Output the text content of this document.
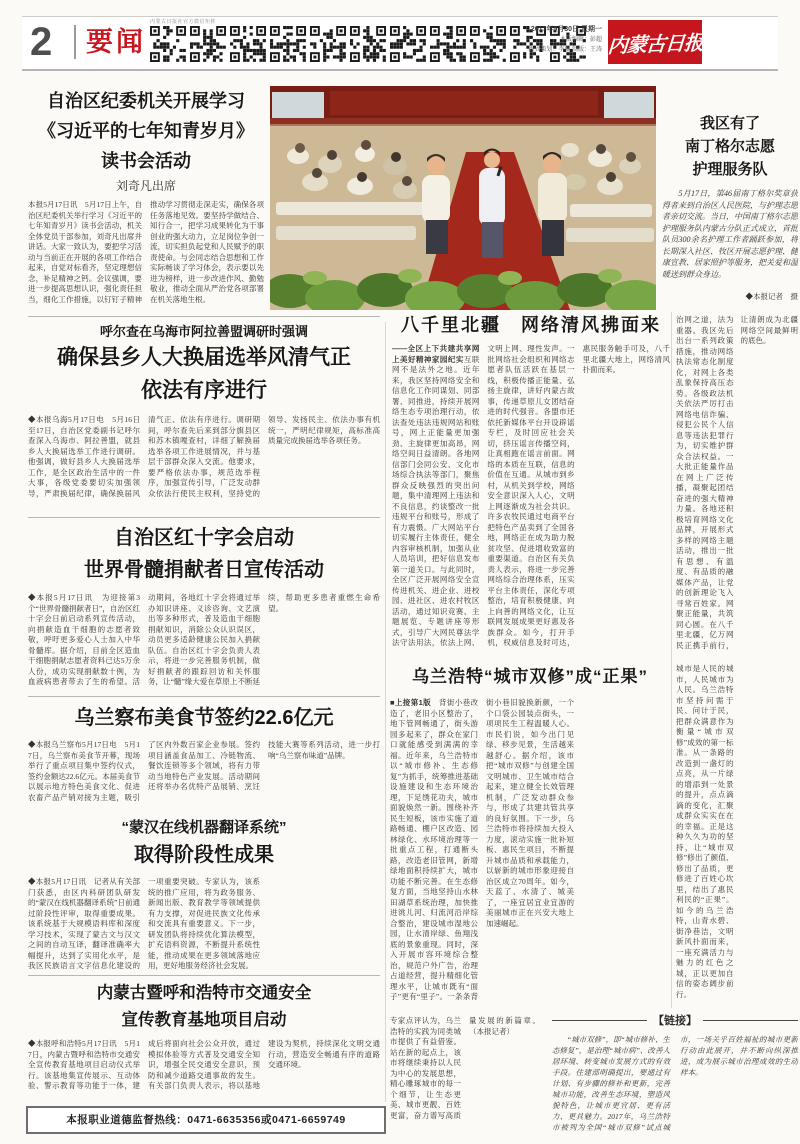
2 要闻
内蒙古日报社官方微信矩阵
2017年5月30日 星期一
本版编辑：彭超
版式策划：李琳 制版：王涛 内蒙古日报
自治区纪委机关开展学习
《习近平的七年知青岁月》
读书会活动
刘奇凡出席
本报5月17日讯　5月17日上午，自治区纪委机关举行学习《习近平的七年知青岁月》读书会活动，机关全体党员干部参加，刘奇凡出席并讲话。大家一致认为，要把学习活动与当前正在开展的各项工作结合起来，自觉对标看齐，坚定理想信念，补足精神之钙。会议强调，要进一步提高思想认识，强化责任担当，细化工作措施，以钉钉子精神推动学习贯彻走深走实，确保各项任务落地见效。要坚持学做结合、知行合一，把学习成果转化为干事创业的强大动力，立足岗位争创一流，切实担负起党和人民赋予的职责使命。与会同志结合思想和工作实际畅谈了学习体会，表示要以先进为榜样，进一步改进作风、勤勉敬业，推动全面从严治党各项部署在机关落地生根。
呼尔查在乌海市阿拉善盟调研时强调
确保县乡人大换届选举风清气正
依法有序进行
◆本报乌海5月17日电　5月16日至17日，自治区党委副书记呼尔查深入乌海市、阿拉善盟，就县乡人大换届选举工作进行调研。他强调，做好县乡人大换届选举工作，是全区政治生活中的一件大事，各级党委要切实加强领导，严肃换届纪律，确保换届风清气正、依法有序进行。调研期间，呼尔查先后来到部分旗县区和苏木镇嘎查村，详细了解换届选举各项工作进展情况，并与基层干部群众深入交流。他要求，要严格依法办事，规范选举程序，加强宣传引导，广泛发动群众依法行使民主权利，坚持党的领导、发扬民主、依法办事有机统一，严明纪律规矩，高标准高质量完成换届选举各项任务。
自治区红十字会启动
世界骨髓捐献者日宣传活动
◆本报5月17日讯　为迎接第3个“世界骨髓捐献者日”，自治区红十字会日前启动系列宣传活动，向捐献造血干细胞的志愿者致敬，呼吁更多爱心人士加入中华骨髓库。据介绍，目前全区造血干细胞捐献志愿者资料已达5万余人份，成功实现捐献数十例，为血液病患者带去了生的希望。活动期间，各地红十字会将通过举办知识讲座、义诊咨询、文艺演出等多种形式，普及造血干细胞捐献知识，消除公众认识误区，动员更多适龄健康公民加入捐献队伍。自治区红十字会负责人表示，将进一步完善服务机制，做好捐献者的跟踪回访和关怀服务，让“髓”缘大爱在草原上不断延续，帮助更多患者重燃生命希望。
乌兰察布美食节签约22.6亿元
◆本报乌兰察布5月17日电　5月17日，乌兰察布美食节开幕，现场举行了重点项目集中签约仪式，签约金额达22.6亿元。本届美食节以展示地方特色美食文化、促进农畜产品产销对接为主题，吸引了区内外数百家企业参展。签约项目涵盖食品加工、冷链物流、餐饮连锁等多个领域，将有力带动当地特色产业发展。活动期间还将举办名优特产品展销、烹饪技能大赛等系列活动，进一步打响“乌兰察布味道”品牌。
“蒙汉在线机器翻译系统”
取得阶段性成果
◆本报5月17日讯　记者从有关部门获悉，由区内科研团队研发的“蒙汉在线机器翻译系统”日前通过阶段性评审，取得重要成果。该系统基于大规模语料库和深度学习技术，实现了蒙古文与汉文之间的自动互译，翻译准确率大幅提升，达到了实用化水平，是我区民族语言文字信息化建设的一项重要突破。专家认为，该系统的推广应用，将为政务服务、新闻出版、教育教学等领域提供有力支撑，对促进民族文化传承和交流具有重要意义。下一步，研发团队将持续优化算法模型，扩充语料资源，不断提升系统性能，推动成果在更多领域落地应用，更好地服务经济社会发展。
内蒙古暨呼和浩特市交通安全
宣传教育基地项目启动
◆本报呼和浩特5月17日讯　5月17日，内蒙古暨呼和浩特市交通安全宣传教育基地项目启动仪式举行。该基地集宣传展示、互动体验、警示教育等功能于一体，建成后将面向社会公众开放，通过模拟体验等方式普及交通安全知识，增强全民交通安全意识，预防和减少道路交通事故的发生。有关部门负责人表示，将以基地建设为契机，持续深化文明交通行动，营造安全畅通有序的道路交通环境。
本报职业道德监督热线：0471-6635356或0471-6659749
八千里北疆　网络清风拂面来
——全区上下共建共享网上美好精神家园纪实互联网不是法外之地。近年来，我区坚持网络安全和信息化工作同谋划、同部署、同推进，持续开展网络生态专项治理行动，依法查处违法违规网站和账号，网上正能量更加强劲、主旋律更加高昂，网络空间日益清朗。各地网信部门会同公安、文化市场综合执法等部门，聚焦群众反映强烈的突出问题，集中清理网上违法和不良信息，约谈整改一批违规平台和账号，形成了有力震慑。广大网站平台切实履行主体责任，健全内容审核机制，加强从业人员培训，把好信息发布第一道关口。与此同时，全区广泛开展网络安全宣传进机关、进企业、进校园、进社区、进农村牧区活动，通过知识竞赛、主题展览、专题讲座等形式，引导广大网民尊法学法守法用法，依法上网、文明上网、理性发声。一批网络社会组织和网络志愿者队伍活跃在基层一线，积极传播正能量、弘扬主旋律，讲好内蒙古故事，传递草原儿女团结奋进的时代强音。各盟市还依托新媒体平台开设辟谣专栏，及时回应社会关切，挤压谣言传播空间，让真相跑在谣言前面。网络的本质在互联，信息的价值在互通。从城市到乡村，从机关到学校，网络安全意识深入人心，文明上网逐渐成为社会共识。许多农牧民通过电商平台把特色产品卖到了全国各地，网络正在成为助力脱贫攻坚、促进增收致富的重要渠道。自治区有关负责人表示，将进一步完善网络综合治理体系，压实平台主体责任，深化专项整治，培育积极健康、向上向善的网络文化，让互联网发展成果更好惠及各族群众。如今，打开手机，权威信息及时可达，惠民服务触手可及，八千里北疆大地上，网络清风扑面而来。
治网之道，法为重器。我区先后出台一系列政策措施，推动网络执法常态化制度化，对网上各类乱象保持高压态势。各级政法机关依法严厉打击网络电信诈骗、侵犯公民个人信息等违法犯罪行为，切实维护群众合法权益。一大批正能量作品在网上广泛传播，凝聚起团结奋进的强大精神力量。各地还积极培育网络文化品牌，开展形式多样的网络主题活动，推出一批有思想、有温度、有品质的融媒体产品，让党的创新理论飞入寻常百姓家。网聚正能量，共筑同心圆。在八千里北疆，亿万网民正携手前行，让清朗成为北疆网络空间最鲜明的底色。
乌兰浩特“城市双修”成“正果”
■上接第1版　背街小巷改造了，老旧小区整治了，地下管网畅通了，街头游园多起来了，群众在家门口就能感受到满满的幸福。近年来，乌兰浩特市以“城市修补、生态修复”为抓手，统筹推进基础设施建设和生态环境治理，下足绣花功夫，城市面貌焕然一新。围绕补齐民生短板，该市实施了道路畅通、棚户区改造、园林绿化、水环境治理等一批重点工程，打通断头路，改造老旧管网，新增绿地面积持续扩大，城市功能不断完善。在生态修复方面，当地坚持山水林田湖草系统治理，加快推进洮儿河、归流河沿岸综合整治，建设城市湿地公园，让水清岸绿、鱼翔浅底的景象重现。同时，深入开展市容环境综合整治，规范户外广告，治理占道经营，提升精细化管理水平，让城市既有“面子”更有“里子”。一条条背街小巷旧貌换新颜，一个个口袋公园装点街头，一项项民生工程温暖人心。市民们说，如今出门见绿、移步见景，生活越来越舒心。据介绍，该市把“城市双修”与创建全国文明城市、卫生城市结合起来，建立健全长效管理机制，广泛发动群众参与，形成了共建共管共享的良好氛围。下一步，乌兰浩特市将持续加大投入力度，滚动实施一批补短板、惠民生项目，不断提升城市品质和承载能力，以崭新的城市形象迎接自治区成立70周年。如今，天蓝了、水清了、城美了，一座宜居宜业宜游的美丽城市正在兴安大地上加速崛起。
城市是人民的城市，人民城市为人民。乌兰浩特市坚持问需于民、问计于民，把群众满意作为衡量“城市双修”成效的第一标准。从一条路的改造到一盏灯的点亮，从一片绿的增添到一处景的提升，点点滴滴的变化，汇聚成群众实实在在的幸福。正是这种久久为功的坚持，让“城市双修”修出了颜值、修出了品质，更修进了百姓心坎里，结出了惠民利民的“正果”。如今的乌兰浩特，山青水碧、街净巷洁，文明新风扑面而来，一座充满活力与魅力的红色之城，正以更加自信的姿态阔步前行。
专家点评认为，乌兰浩特的实践为同类城市提供了有益借鉴。站在新的起点上，该市将继续秉持以人民为中心的发展思想，精心雕琢城市的每一个细节，让生态更美、城市更靓、百姓更富，奋力谱写高质量发展的新篇章。（本报记者）
【链接】
　　“城市双修”，即“城市修补、生态修复”，是治理“城市病”、改善人居环境、转变城市发展方式的有效手段。住建部明确提出，要通过有计划、有步骤的修补和更新，完善城市功能，改善生态环境，塑造风貌特色，让城市更宜居、更有活力、更具魅力。2017年，乌兰浩特市被列为全国“城市双修”试点城市，一场关乎百姓福祉的城市更新行动由此展开，并不断向纵深推进，成为展示城市治理成效的生动样本。
我区有了
南丁格尔志愿
护理服务队
　　5月17日，第46届南丁格尔奖章获得者来到自治区人民医院，与护理志愿者亲切交流。当日，中国南丁格尔志愿护理服务队内蒙古分队正式成立，首批队员300余名护理工作者踊跃参加，将长期深入社区、牧区开展志愿护理、健康宣教、居家照护等服务，把关爱和温暖送到群众身边。
◆本报记者　摄
